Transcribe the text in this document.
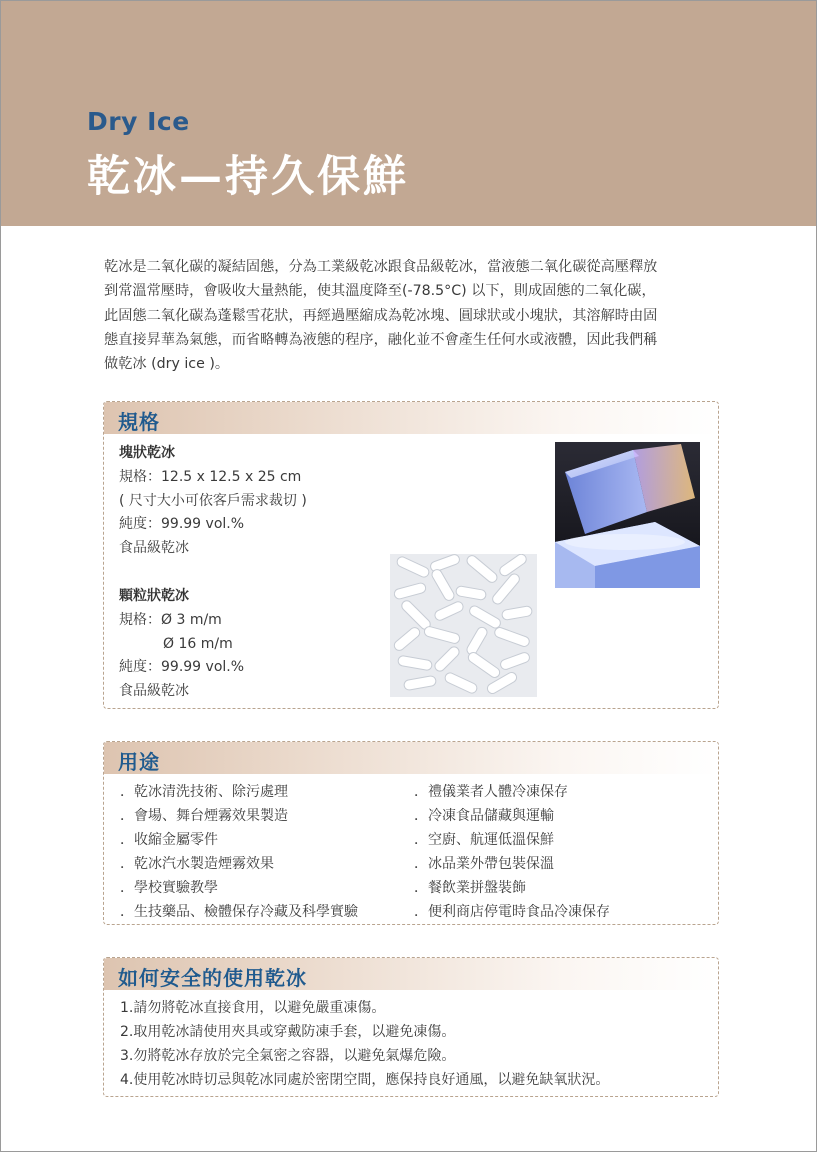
Dry Ice
乾冰—持久保鮮

乾冰是二氧化碳的凝結固態，分為工業級乾冰跟食品級乾冰，當液態二氧化碳從高壓釋放

到常溫常壓時，會吸收大量熱能，使其溫度降至(-78.5°C) 以下，則成固態的二氧化碳，

此固態二氧化碳為蓬鬆雪花狀，再經過壓縮成為乾冰塊、圓球狀或小塊狀，其溶解時由固

態直接昇華為氣態，而省略轉為液態的程序，融化並不會產生任何水或液體，因此我們稱

做乾冰 (dry ice )。

規格
塊狀乾冰
規格：12.5 x 12.5 x 25 cm
( 尺寸大小可依客戶需求裁切 )
純度：99.99 vol.%
食品級乾冰
顆粒狀乾冰
規格：Ø 3 m/m
Ø 16 m/m
純度：99.99 vol.%
食品級乾冰
用途
．乾冰清洗技術、除污處理
．會場、舞台煙霧效果製造
．收縮金屬零件
．乾冰汽水製造煙霧效果
．學校實驗教學
．生技藥品、檢體保存冷藏及科學實驗
．禮儀業者人體冷凍保存
．冷凍食品儲藏與運輸
．空廚、航運低溫保鮮
．冰品業外帶包裝保溫
．餐飲業拼盤裝飾
．便利商店停電時食品冷凍保存
如何安全的使用乾冰
1.請勿將乾冰直接食用，以避免嚴重凍傷。
2.取用乾冰請使用夾具或穿戴防凍手套，以避免凍傷。
3.勿將乾冰存放於完全氣密之容器，以避免氣爆危險。
4.使用乾冰時切忌與乾冰同處於密閉空間，應保持良好通風，以避免缺氧狀況。
